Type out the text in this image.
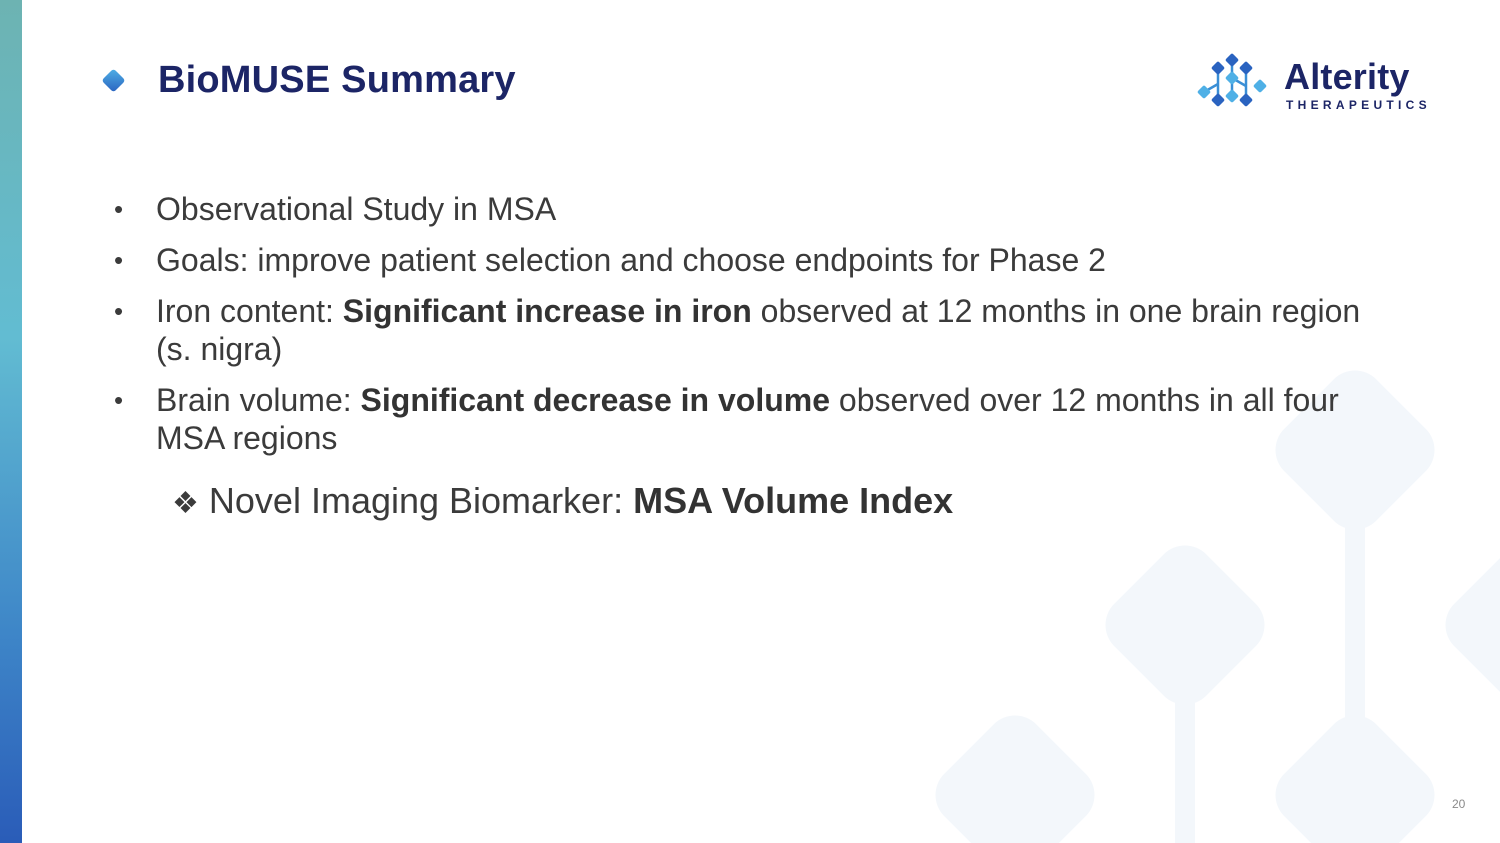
BioMUSE Summary	Alterity
THERAPEUTICS
• Observational Study in MSA
• Goals: improve patient selection and choose endpoints for Phase 2
• Iron content: Significant increase in iron observed at 12 months in one brain region (s. nigra)
• Brain volume: Significant decrease in volume observed over 12 months in all four MSA regions
❖ Novel Imaging Biomarker: MSA Volume Index
20
